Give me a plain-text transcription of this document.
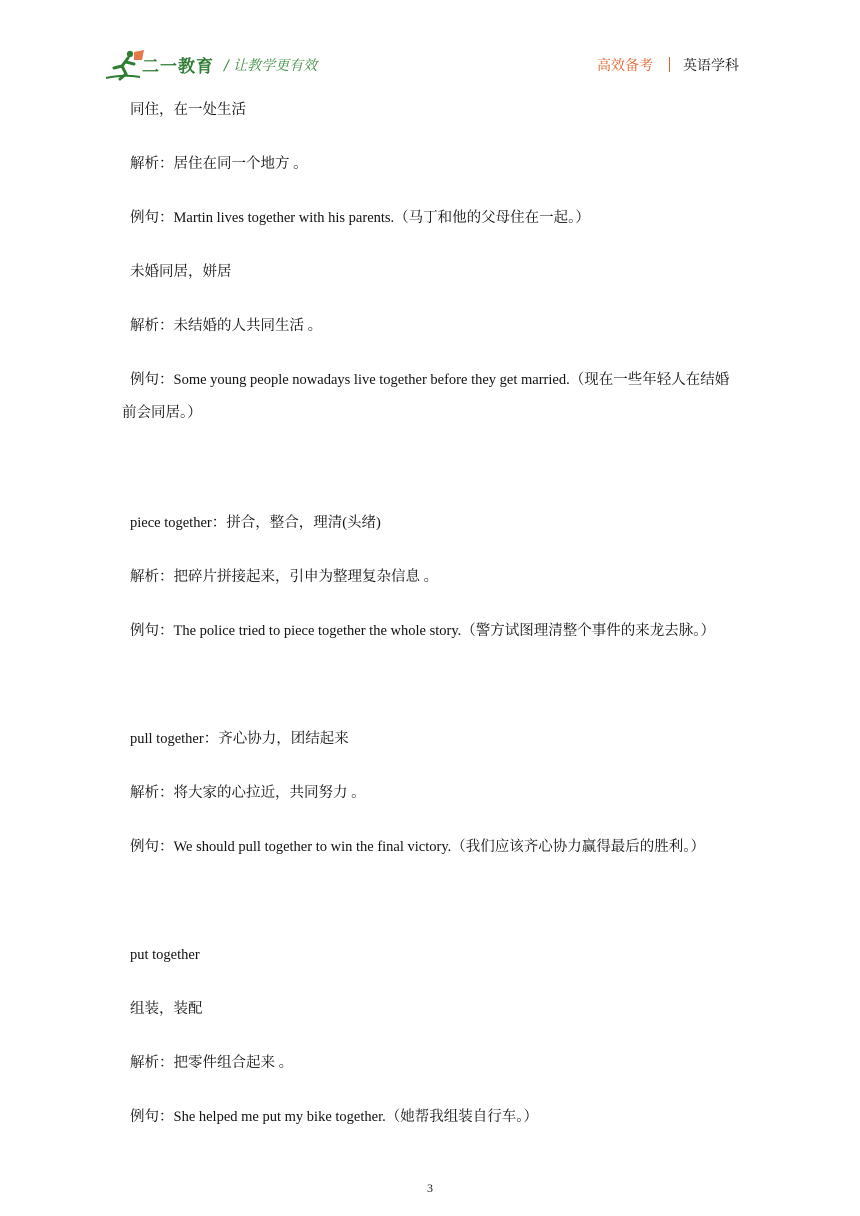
二一教育 / 让教学更有效	高效备考 英语学科
同住，在一处生活
解析：居住在同一个地方 。
例句：Martin lives together with his parents.（马丁和他的父母住在一起。）
未婚同居，姘居
解析：未结婚的人共同生活 。
例句：Some young people nowadays live together before they get married.（现在一些年轻人在结婚
前会同居。）
piece together：拼合，整合，理清(头绪)
解析：把碎片拼接起来，引申为整理复杂信息 。
例句：The police tried to piece together the whole story.（警方试图理清整个事件的来龙去脉。）
pull together：齐心协力，团结起来
解析：将大家的心拉近，共同努力 。
例句：We should pull together to win the final victory.（我们应该齐心协力赢得最后的胜利。）
put together
组装，装配
解析：把零件组合起来 。
例句：She helped me put my bike together.（她帮我组装自行车。）
3
